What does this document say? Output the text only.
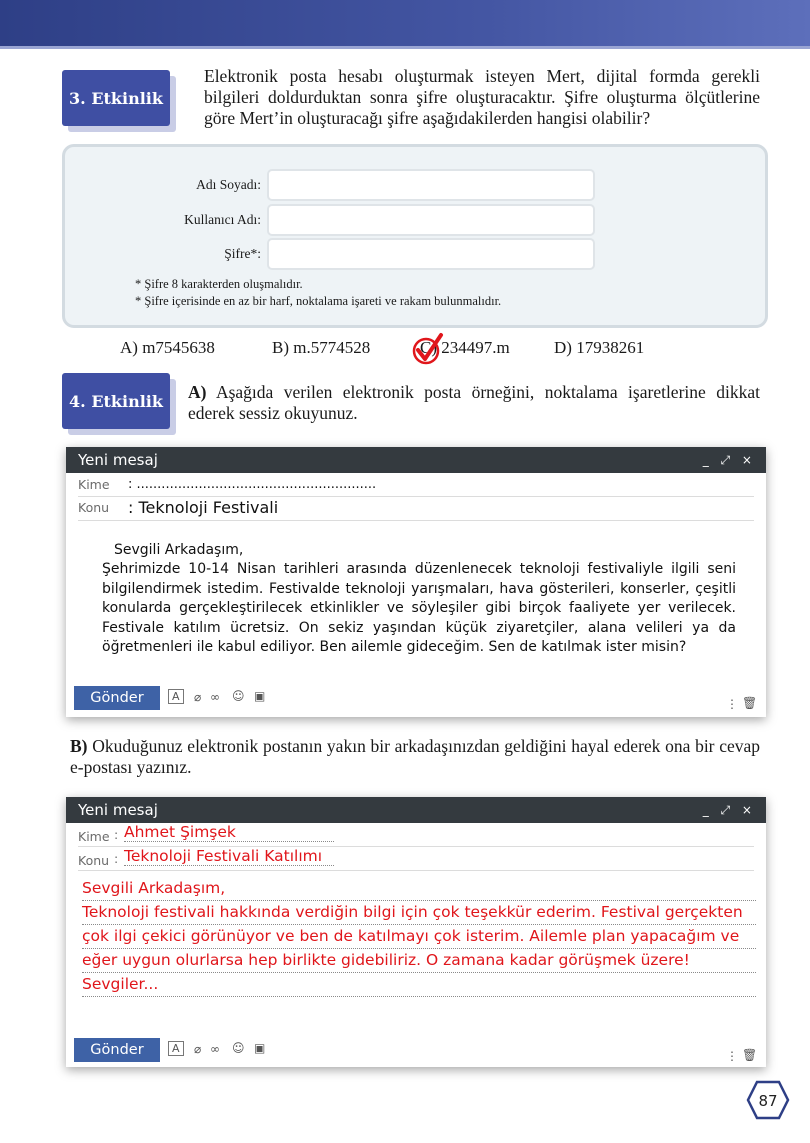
3. Etkinlik
Elektronik posta hesabı oluşturmak isteyen Mert, dijital formda gerekli bilgileri doldurduktan sonra şifre oluşturacaktır. Şifre oluşturma ölçütlerine göre Mert’in oluşturacağı şifre aşağıdakilerden hangisi olabilir?
Adı Soyadı:
Kullanıcı Adı:
Şifre*:
* Şifre 8 karakterden oluşmalıdır.
* Şifre içerisinde en az bir harf, noktalama işareti ve rakam bulunmalıdır.
A) m7545638	B) m.5774528	C) 234497.m	D) 17938261
4. Etkinlik	A) Aşağıda verilen elektronik posta örneğini, noktalama işaretlerine dikkat ederek sessiz okuyunuz.
Yeni mesaj	_ ⤢ ×
Kime : ..........................................................
Konu : Teknoloji Festivali
Sevgili Arkadaşım,
Şehrimizde 10-14 Nisan tarihleri arasında düzenlenecek teknoloji festivaliyle ilgili seni bilgilendirmek istedim. Festivalde teknoloji yarışmaları, hava gösterileri, konserler, çeşitli konularda gerçekleştirilecek etkinlikler ve söyleşiler gibi birçok faaliyete yer verilecek. Festivale katılım ücretsiz. On sekiz yaşından küçük ziyaretçiler, alana velileri ya da öğretmenleri ile kabul ediliyor. Ben ailemle gideceğim. Sen de katılmak ister misin?
Gönder	A	⌀ ∞ ☺ ▣
⋮ 🗑
B) Okuduğunuz elektronik postanın yakın bir arkadaşınızdan geldiğini hayal ederek ona bir cevap e-postası yazınız.
Yeni mesaj	_ ⤢ ×
Kime : Ahmet Şimşek
Konu : Teknoloji Festivali Katılımı
Sevgili Arkadaşım,
Teknoloji festivali hakkında verdiğin bilgi için çok teşekkür ederim. Festival gerçekten
çok ilgi çekici görünüyor ve ben de katılmayı çok isterim. Ailemle plan yapacağım ve
eğer uygun olurlarsa hep birlikte gidebiliriz. O zamana kadar görüşmek üzere!
Sevgiler...
Gönder	A	⌀ ∞ ☺ ▣
⋮ 🗑
87
